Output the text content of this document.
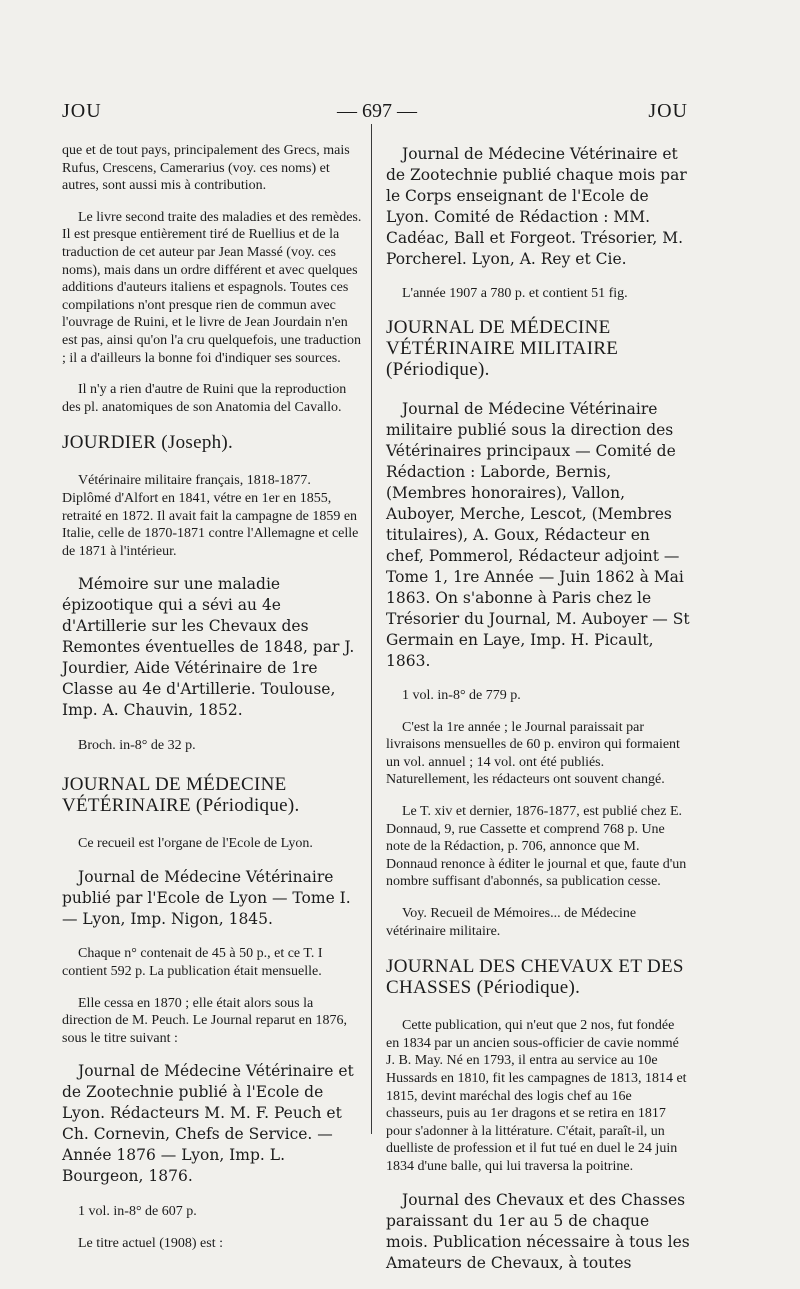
JOU	— 697 —	JOU

que et de tout pays, principalement des Grecs, mais Rufus, Crescens, Camerarius (voy. ces noms) et autres, sont aussi mis à contribution.

Le livre second traite des maladies et des remèdes. Il est presque entièrement tiré de Ruellius et de la traduction de cet auteur par Jean Massé (voy. ces noms), mais dans un ordre différent et avec quelques additions d'auteurs italiens et espagnols. Toutes ces compilations n'ont presque rien de commun avec l'ouvrage de Ruini, et le livre de Jean Jourdain n'en est pas, ainsi qu'on l'a cru quelquefois, une traduction ; il a d'ailleurs la bonne foi d'indiquer ses sources.

Il n'y a rien d'autre de Ruini que la reproduction des pl. anatomiques de son Anatomia del Cavallo.

JOURDIER (Joseph).

Vétérinaire militaire français, 1818-1877. Diplômé d'Alfort en 1841, vétre en 1er en 1855, retraité en 1872. Il avait fait la campagne de 1859 en Italie, celle de 1870-1871 contre l'Allemagne et celle de 1871 à l'intérieur.

Mémoire sur une maladie épizootique qui a sévi au 4e d'Artillerie sur les Chevaux des Remontes éventuelles de 1848, par J. Jourdier, Aide Vétérinaire de 1re Classe au 4e d'Artillerie. Toulouse, Imp. A. Chauvin, 1852.

Broch. in-8° de 32 p.

JOURNAL DE MÉDECINE VÉTÉRINAIRE (Périodique).

Ce recueil est l'organe de l'Ecole de Lyon.

Journal de Médecine Vétérinaire publié par l'Ecole de Lyon — Tome I. — Lyon, Imp. Nigon, 1845.

Chaque n° contenait de 45 à 50 p., et ce T. I contient 592 p. La publication était mensuelle.

Elle cessa en 1870 ; elle était alors sous la direction de M. Peuch. Le Journal reparut en 1876, sous le titre suivant :

Journal de Médecine Vétérinaire et de Zootechnie publié à l'Ecole de Lyon. Rédacteurs M. M. F. Peuch et Ch. Cornevin, Chefs de Service. — Année 1876 — Lyon, Imp. L. Bourgeon, 1876.

1 vol. in-8° de 607 p.

Le titre actuel (1908) est :

Journal de Médecine Vétérinaire et de Zootechnie publié chaque mois par le Corps enseignant de l'Ecole de Lyon. Comité de Rédaction : MM. Cadéac, Ball et Forgeot. Trésorier, M. Porcherel. Lyon, A. Rey et Cie.

L'année 1907 a 780 p. et contient 51 fig.

JOURNAL DE MÉDECINE VÉTÉRINAIRE MILITAIRE (Périodique).

Journal de Médecine Vétérinaire militaire publié sous la direction des Vétérinaires principaux — Comité de Rédaction : Laborde, Bernis, (Membres honoraires), Vallon, Auboyer, Merche, Lescot, (Membres titulaires), A. Goux, Rédacteur en chef, Pommerol, Rédacteur adjoint — Tome 1, 1re Année — Juin 1862 à Mai 1863. On s'abonne à Paris chez le Trésorier du Journal, M. Auboyer — St Germain en Laye, Imp. H. Picault, 1863.

1 vol. in-8° de 779 p.

C'est la 1re année ; le Journal paraissait par livraisons mensuelles de 60 p. environ qui formaient un vol. annuel ; 14 vol. ont été publiés. Naturellement, les rédacteurs ont souvent changé.

Le T. xiv et dernier, 1876-1877, est publié chez E. Donnaud, 9, rue Cassette et comprend 768 p. Une note de la Rédaction, p. 706, annonce que M. Donnaud renonce à éditer le journal et que, faute d'un nombre suffisant d'abonnés, sa publication cesse.

Voy. Recueil de Mémoires... de Médecine vétérinaire militaire.

JOURNAL DES CHEVAUX ET DES CHASSES (Périodique).

Cette publication, qui n'eut que 2 nos, fut fondée en 1834 par un ancien sous-officier de cavie nommé J. B. May. Né en 1793, il entra au service au 10e Hussards en 1810, fit les campagnes de 1813, 1814 et 1815, devint maréchal des logis chef au 16e chasseurs, puis au 1er dragons et se retira en 1817 pour s'adonner à la littérature. C'était, paraît-il, un duelliste de profession et il fut tué en duel le 24 juin 1834 d'une balle, qui lui traversa la poitrine.

Journal des Chevaux et des Chasses paraissant du 1er au 5 de chaque mois. Publication nécessaire à tous les Amateurs de Chevaux, à toutes
